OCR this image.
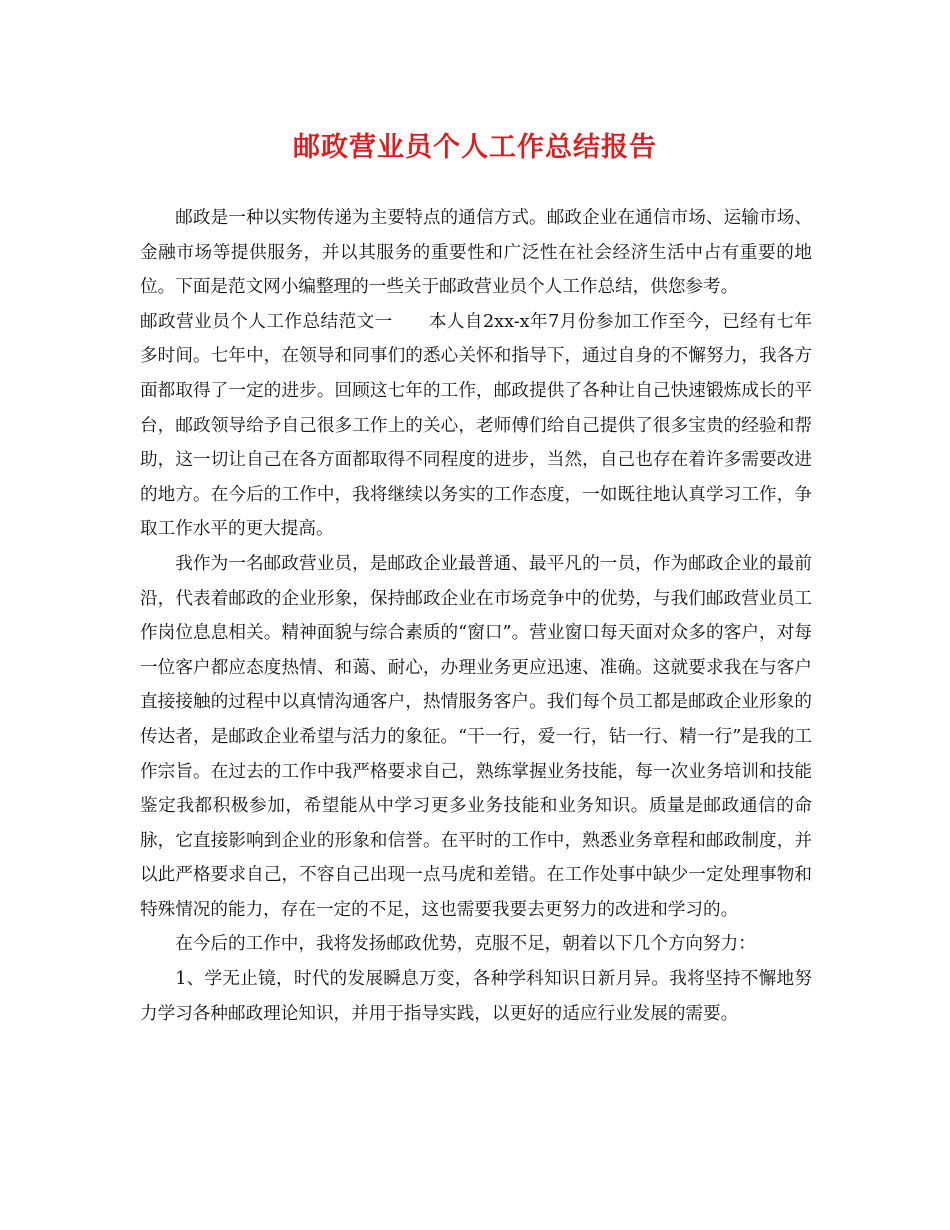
邮政营业员个人工作总结报告

邮政是一种以实物传递为主要特点的通信方式。邮政企业在通信市场、运输市场、金融市场等提供服务，并以其服务的重要性和广泛性在社会经济生活中占有重要的地位。下面是范文网小编整理的一些关于邮政营业员个人工作总结，供您参考。

邮政营业员个人工作总结范文一　　本人自2xx-x年7月份参加工作至今，已经有七年多时间。七年中，在领导和同事们的悉心关怀和指导下，通过自身的不懈努力，我各方面都取得了一定的进步。回顾这七年的工作，邮政提供了各种让自己快速锻炼成长的平台，邮政领导给予自己很多工作上的关心，老师傅们给自己提供了很多宝贵的经验和帮助，这一切让自己在各方面都取得不同程度的进步，当然，自己也存在着许多需要改进的地方。在今后的工作中，我将继续以务实的工作态度，一如既往地认真学习工作，争取工作水平的更大提高。

我作为一名邮政营业员，是邮政企业最普通、最平凡的一员，作为邮政企业的最前沿，代表着邮政的企业形象，保持邮政企业在市场竞争中的优势，与我们邮政营业员工作岗位息息相关。精神面貌与综合素质的“窗口”。营业窗口每天面对众多的客户，对每一位客户都应态度热情、和蔼、耐心，办理业务更应迅速、准确。这就要求我在与客户直接接触的过程中以真情沟通客户，热情服务客户。我们每个员工都是邮政企业形象的传达者，是邮政企业希望与活力的象征。“干一行，爱一行，钻一行、精一行”是我的工作宗旨。在过去的工作中我严格要求自己，熟练掌握业务技能，每一次业务培训和技能鉴定我都积极参加，希望能从中学习更多业务技能和业务知识。质量是邮政通信的命脉，它直接影响到企业的形象和信誉。在平时的工作中，熟悉业务章程和邮政制度，并以此严格要求自己，不容自己出现一点马虎和差错。在工作处事中缺少一定处理事物和特殊情况的能力，存在一定的不足，这也需要我要去更努力的改进和学习的。

在今后的工作中，我将发扬邮政优势，克服不足，朝着以下几个方向努力：

1、学无止镜，时代的发展瞬息万变，各种学科知识日新月异。我将坚持不懈地努力学习各种邮政理论知识，并用于指导实践，以更好的适应行业发展的需要。
